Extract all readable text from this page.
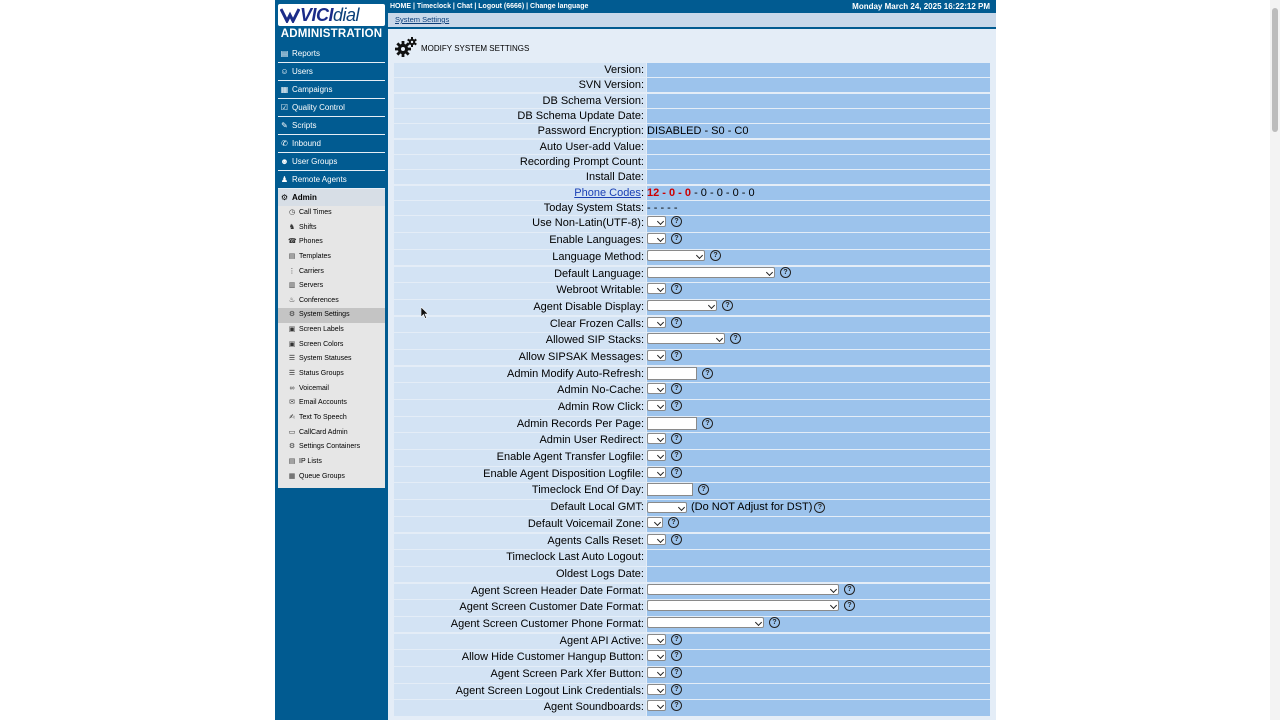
VICIdial
ADMINISTRATION
▤ Reports
☺ Users
▦ Campaigns
☑ Quality Control
✎ Scripts
✆ Inbound
☻ User Groups
♟ Remote Agents
⚙ Admin
◷ Call Times
♞ Shifts
☎ Phones
▤ Templates
⋮ Carriers
▥ Servers
♨ Conferences
⚙ System Settings
▣ Screen Labels
▣ Screen Colors
☰ System Statuses
☰ Status Groups
∞ Voicemail
✉ Email Accounts
✍ Text To Speech
▭ CallCard Admin
⚙ Settings Containers
▤ IP Lists
▦ Queue Groups
HOME | Timeclock | Chat | Logout (6666) | Change language	Monday March 24, 2025 16:22:12 PM
System Settings
MODIFY SYSTEM SETTINGS
Version:
SVN Version:
DB Schema Version:
DB Schema Update Date:
Password Encryption: DISABLED - S0 - C0
Auto User-add Value:
Recording Prompt Count:
Install Date:
Phone Codes: 12 - 0 - 0 - 0 - 0 - 0 - 0
Today System Stats: - - - - -
Use Non-Latin(UTF-8):	?
Enable Languages:	?
Language Method:	?
Default Language:	?
Webroot Writable:	?
Agent Disable Display:	?
Clear Frozen Calls:	?
Allowed SIP Stacks:	?
Allow SIPSAK Messages:	?
Admin Modify Auto-Refresh:	?
Admin No-Cache:	?
Admin Row Click:	?
Admin Records Per Page:	?
Admin User Redirect:	?
Enable Agent Transfer Logfile:	?
Enable Agent Disposition Logfile:	?
Timeclock End Of Day:	?
Default Local GMT:	(Do NOT Adjust for DST) ?
Default Voicemail Zone:	?
Agents Calls Reset:	?
Timeclock Last Auto Logout:
Oldest Logs Date:
Agent Screen Header Date Format:	?
Agent Screen Customer Date Format:	?
Agent Screen Customer Phone Format:	?
Agent API Active:	?
Allow Hide Customer Hangup Button:	?
Agent Screen Park Xfer Button:	?
Agent Screen Logout Link Credentials:	?
Agent Soundboards:	?
